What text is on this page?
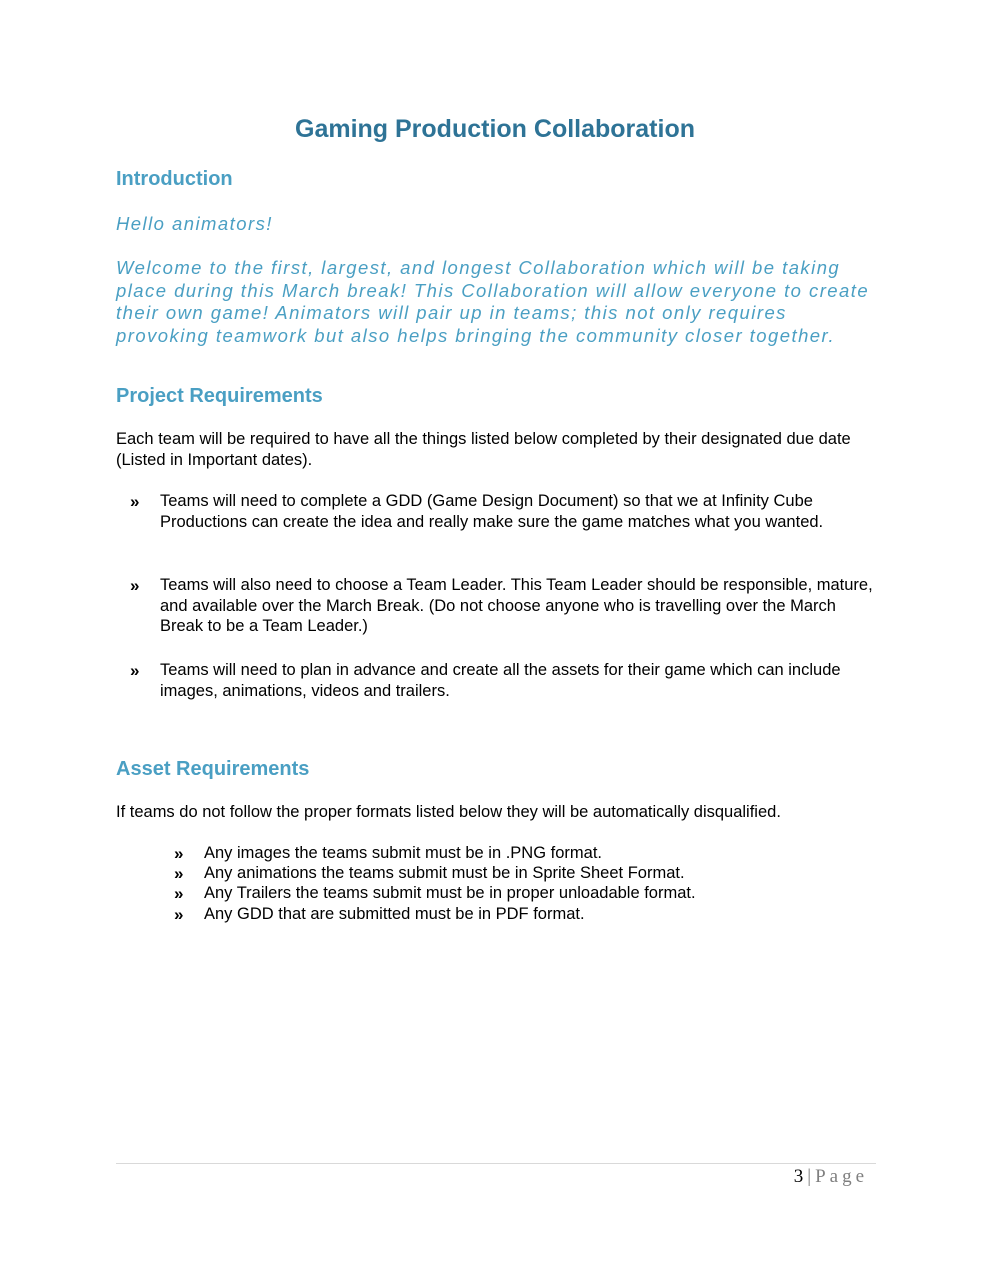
Gaming Production Collaboration
Introduction
Hello animators!
Welcome to the first, largest, and longest Collaboration which will be taking place during this March break! This Collaboration will allow everyone to create their own game! Animators will pair up in teams; this not only requires provoking teamwork but also helps bringing the community closer together.
Project Requirements
Each team will be required to have all the things listed below completed by their designated due date (Listed in Important dates).
» Teams will need to complete a GDD (Game Design Document) so that we at Infinity Cube Productions can create the idea and really make sure the game matches what you wanted.
» Teams will also need to choose a Team Leader. This Team Leader should be responsible, mature, and available over the March Break. (Do not choose anyone who is travelling over the March Break to be a Team Leader.)
» Teams will need to plan in advance and create all the assets for their game which can include images, animations, videos and trailers.
Asset Requirements
If teams do not follow the proper formats listed below they will be automatically disqualified.
» Any images the teams submit must be in .PNG format.
» Any animations the teams submit must be in Sprite Sheet Format.
» Any Trailers the teams submit must be in proper unloadable format.
» Any GDD that are submitted must be in PDF format.
3 | Page
